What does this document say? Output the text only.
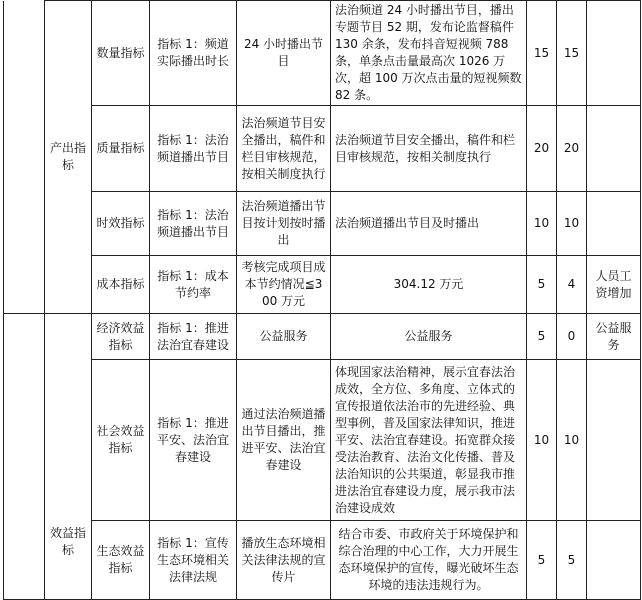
	产出指标	数量指标	指标 1：频道实际播出时长	24 小时播出节目	法治频道 24 小时播出节目，播出专题节目 52 期，发布论监督稿件 130 余条，发布抖音短视频 788 条，单条点击量最高次 1026 万次，超 100 万次点击量的短视频数 82 条。	15	15	
		质量指标	指标 1：法治频道播出节目	法治频道节目安全播出，稿件和栏目审核规范，按相关制度执行	法治频道节目安全播出，稿件和栏目审核规范，按相关制度执行	20	20	
		时效指标	指标 1：法治频道播出节目	法治频道播出节目按计划按时播出	法治频道播出节目及时播出	10	10	
		成本指标	指标 1：成本节约率	考核完成项目成本节约情况≦300 万元	304.12 万元	5	4	人员工资增加
	效益指标	经济效益指标	指标 1：推进法治宜春建设	公益服务	公益服务	5	0	公益服务
		社会效益指标	指标 1：推进平安、法治宜春建设	通过法治频道播出节目播出，推进平安、法治宜春建设	体现国家法治精神，展示宜春法治成效，全方位、多角度、立体式的宣传报道依法治市的先进经验、典型事例，普及国家法律知识，推进平安、法治宜春建设。拓宽群众接受法治教育、法治文化传播、普及法治知识的公共渠道，彰显我市推进法治宜春建设力度，展示我市法治建设成效	10	10	
		生态效益指标	指标 1：宣传生态环境相关法律法规	播放生态环境相关法律法规的宣传片	结合市委、市政府关于环境保护和综合治理的中心工作，大力开展生态环境保护的宣传，曝光破坏生态环境的违法违规行为。	5	5	
